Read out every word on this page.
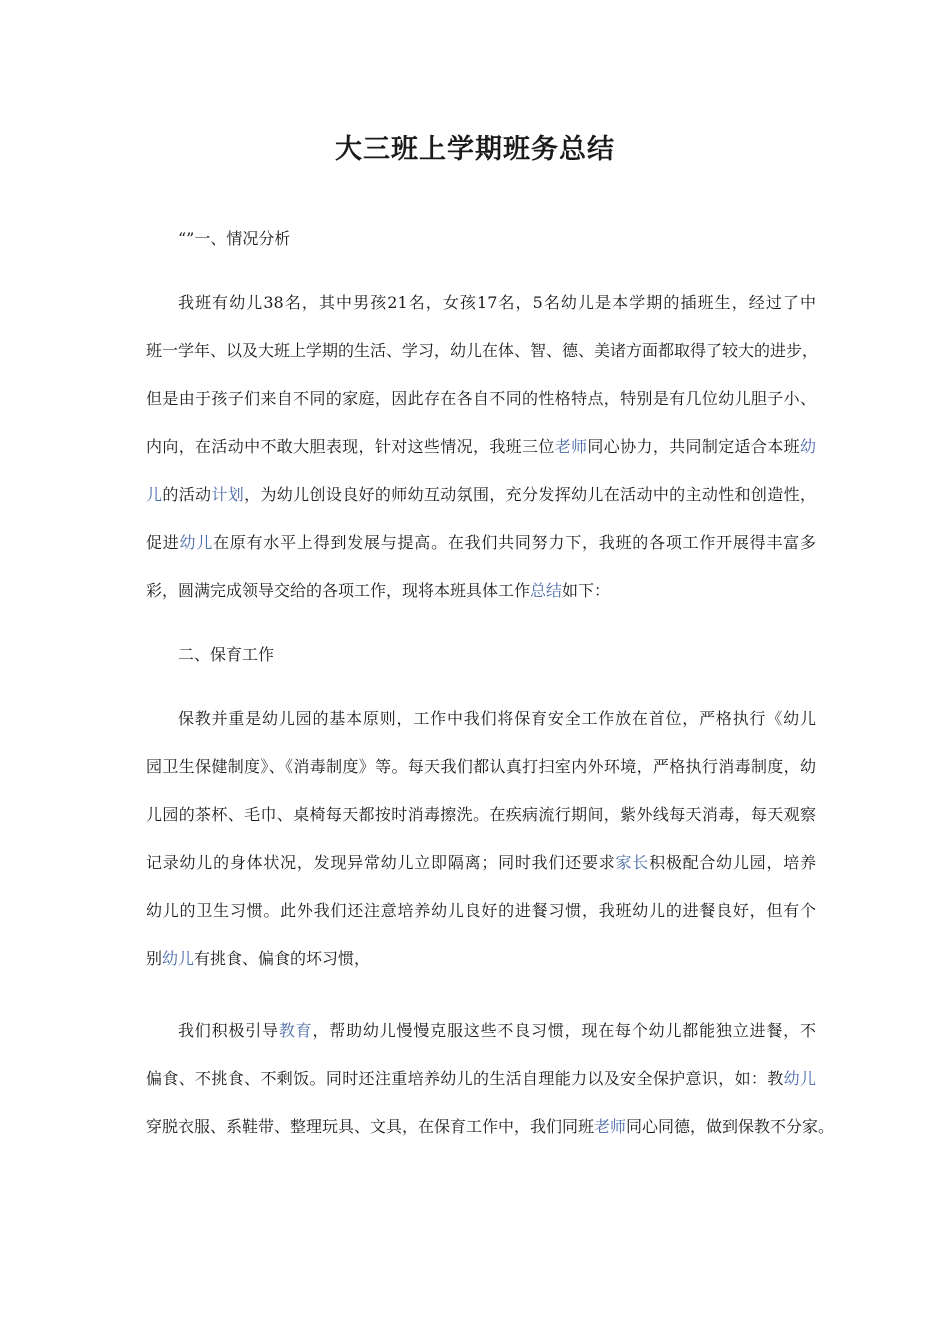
大三班上学期班务总结
“”一、情况分析
我班有幼儿38名，其中男孩21名，女孩17名，5名幼儿是本学期的插班生，经过了中
班一学年、以及大班上学期的生活、学习，幼儿在体、智、德、美诸方面都取得了较大的进步，
但是由于孩子们来自不同的家庭，因此存在各自不同的性格特点，特别是有几位幼儿胆子小、
内向，在活动中不敢大胆表现，针对这些情况，我班三位老师同心协力，共同制定适合本班幼
儿的活动计划，为幼儿创设良好的师幼互动氛围，充分发挥幼儿在活动中的主动性和创造性，
促进幼儿在原有水平上得到发展与提高。在我们共同努力下，我班的各项工作开展得丰富多
彩，圆满完成领导交给的各项工作，现将本班具体工作总结如下：
二、保育工作
保教并重是幼儿园的基本原则，工作中我们将保育安全工作放在首位，严格执行《幼儿
园卫生保健制度》、《消毒制度》等。每天我们都认真打扫室内外环境，严格执行消毒制度，幼
儿园的茶杯、毛巾、桌椅每天都按时消毒擦洗。在疾病流行期间，紫外线每天消毒，每天观察
记录幼儿的身体状况，发现异常幼儿立即隔离；同时我们还要求家长积极配合幼儿园，培养
幼儿的卫生习惯。此外我们还注意培养幼儿良好的进餐习惯，我班幼儿的进餐良好，但有个
别幼儿有挑食、偏食的坏习惯，
我们积极引导教育，帮助幼儿慢慢克服这些不良习惯，现在每个幼儿都能独立进餐，不
偏食、不挑食、不剩饭。同时还注重培养幼儿的生活自理能力以及安全保护意识，如：教幼儿
穿脱衣服、系鞋带、整理玩具、文具，在保育工作中，我们同班老师同心同德，做到保教不分家。
